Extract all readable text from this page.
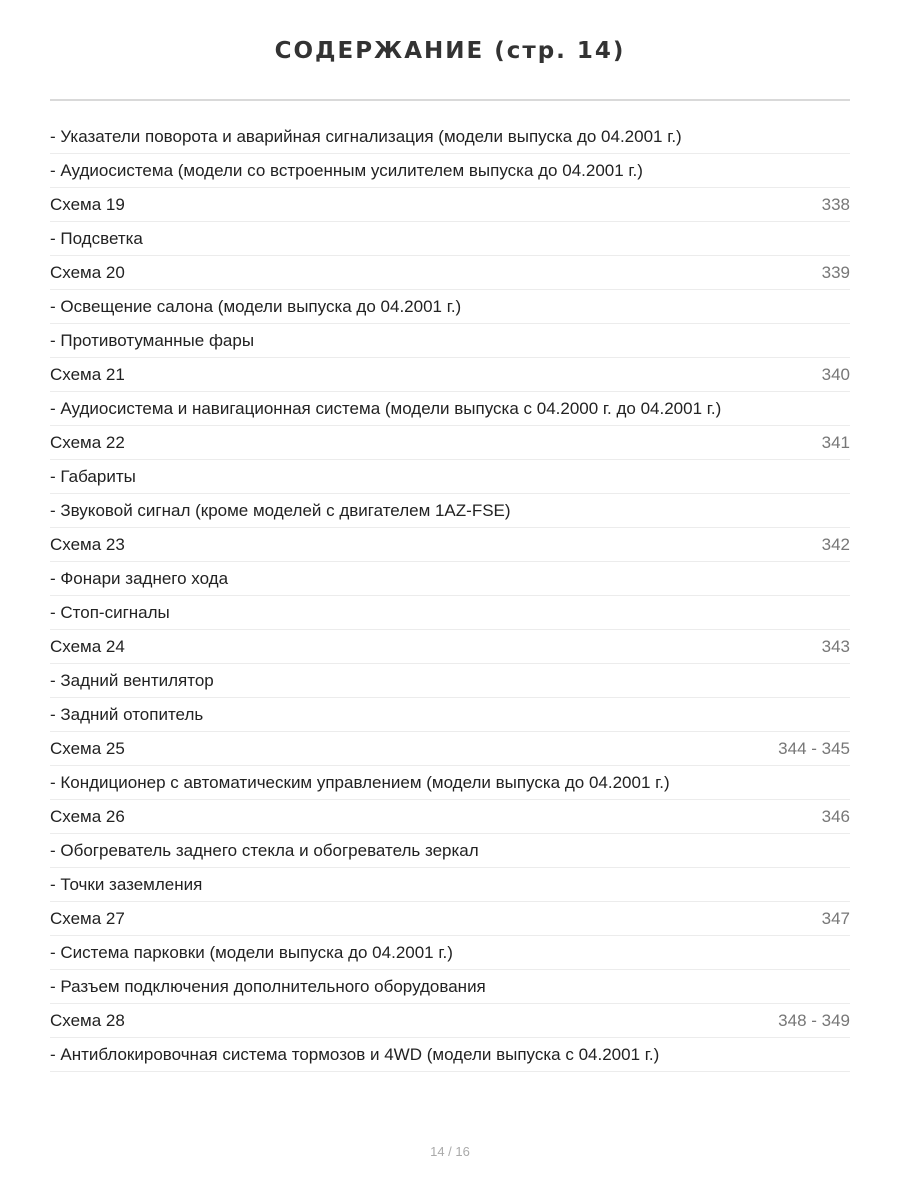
СОДЕРЖАНИЕ (стр. 14)
- Указатели поворота и аварийная сигнализация (модели выпуска до 04.2001 г.)
- Аудиосистема (модели со встроенным усилителем выпуска до 04.2001 г.)
Схема 19	338
- Подсветка
Схема 20	339
- Освещение салона (модели выпуска до 04.2001 г.)
- Противотуманные фары
Схема 21	340
- Аудиосистема и навигационная система (модели выпуска с 04.2000 г. до 04.2001 г.)
Схема 22	341
- Габариты
- Звуковой сигнал (кроме моделей с двигателем 1AZ-FSE)
Схема 23	342
- Фонари заднего хода
- Стоп-сигналы
Схема 24	343
- Задний вентилятор
- Задний отопитель
Схема 25	344 - 345
- Кондиционер с автоматическим управлением (модели выпуска до 04.2001 г.)
Схема 26	346
- Обогреватель заднего стекла и обогреватель зеркал
- Точки заземления
Схема 27	347
- Система парковки (модели выпуска до 04.2001 г.)
- Разъем подключения дополнительного оборудования
Схема 28	348 - 349
- Антиблокировочная система тормозов и 4WD (модели выпуска с 04.2001 г.)
14 / 16
